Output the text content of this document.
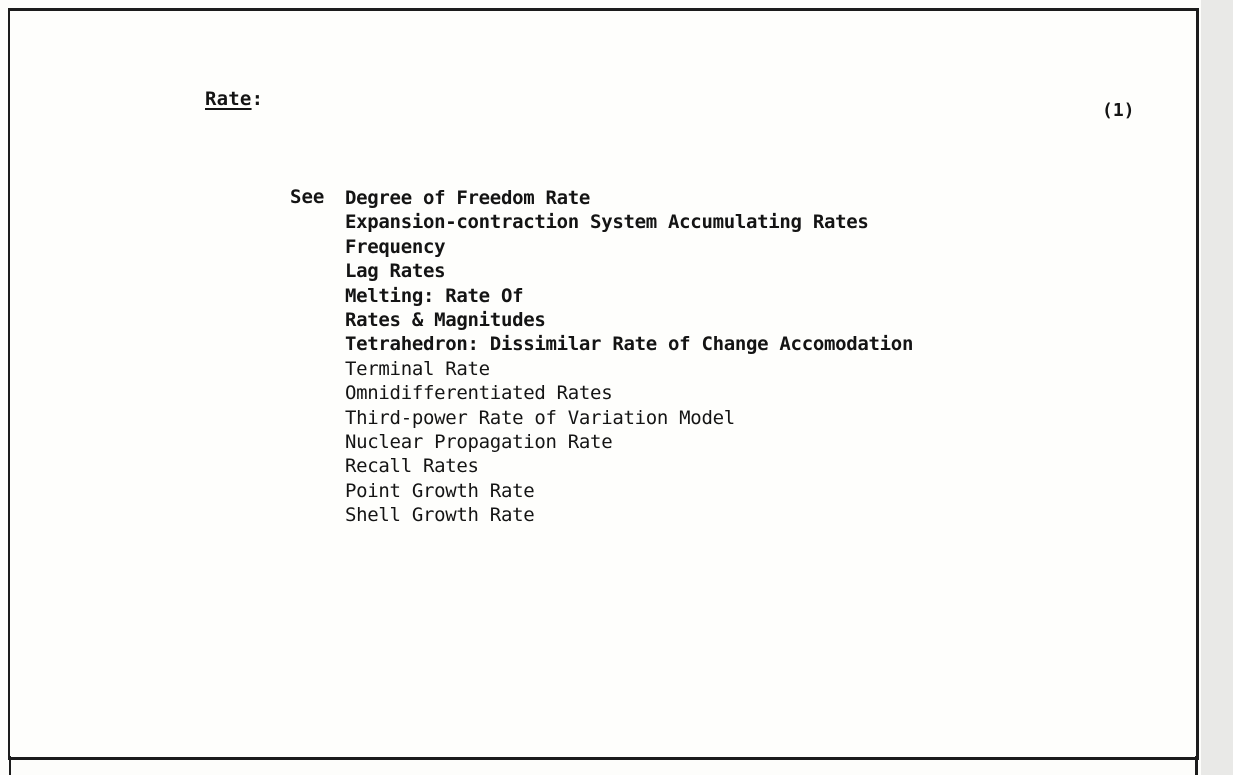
Rate:
(1)
See Degree of Freedom Rate
Expansion-contraction System Accumulating Rates
Frequency
Lag Rates
Melting: Rate Of
Rates & Magnitudes
Tetrahedron: Dissimilar Rate of Change Accomodation
Terminal Rate
Omnidifferentiated Rates
Third-power Rate of Variation Model
Nuclear Propagation Rate
Recall Rates
Point Growth Rate
Shell Growth Rate
